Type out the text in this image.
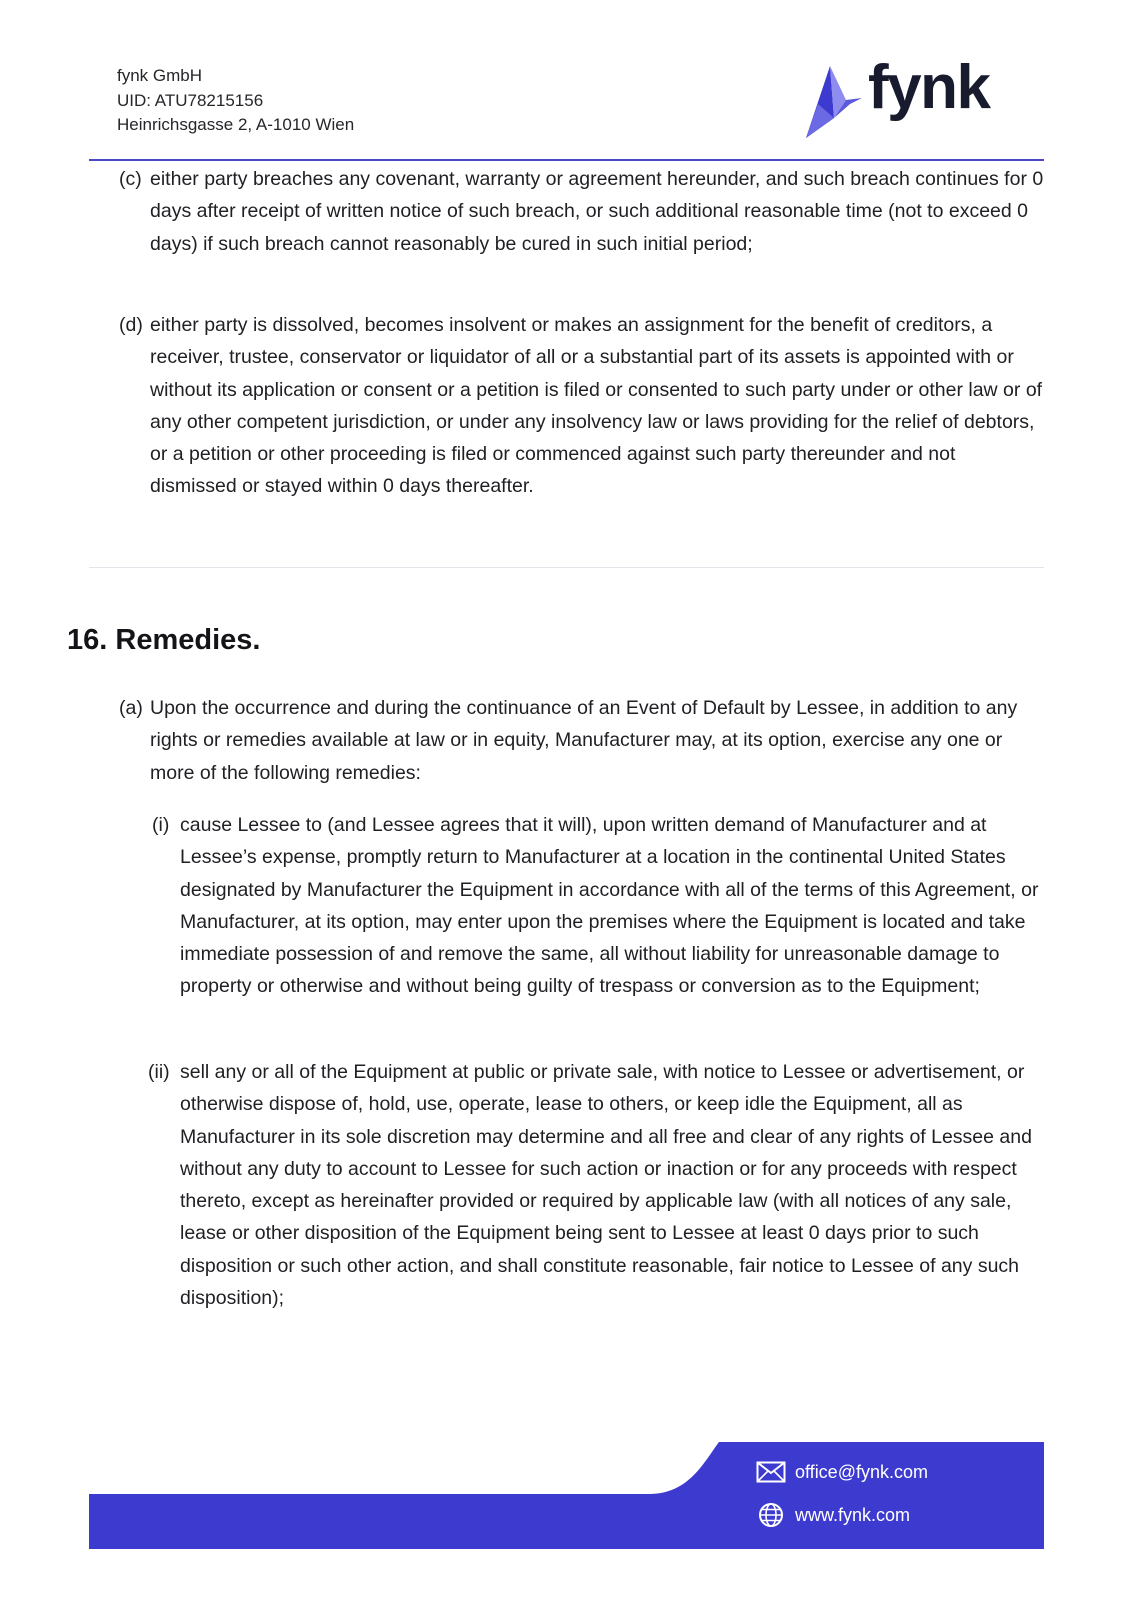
fynk GmbH
UID: ATU78215156
Heinrichsgasse 2, A-1010 Wien
fynk
(c) either party breaches any covenant, warranty or agreement hereunder, and such breach continues for 0 days after receipt of written notice of such breach, or such additional reasonable time (not to exceed 0 days) if such breach cannot reasonably be cured in such initial period;
(d) either party is dissolved, becomes insolvent or makes an assignment for the benefit of creditors, a receiver, trustee, conservator or liquidator of all or a substantial part of its assets is appointed with or without its application or consent or a petition is filed or consented to such party under or other law or of any other competent jurisdiction, or under any insolvency law or laws providing for the relief of debtors, or a petition or other proceeding is filed or commenced against such party thereunder and not dismissed or stayed within 0 days thereafter.
16. Remedies.
(a) Upon the occurrence and during the continuance of an Event of Default by Lessee, in addition to any rights or remedies available at law or in equity, Manufacturer may, at its option, exercise any one or more of the following remedies:
(i) cause Lessee to (and Lessee agrees that it will), upon written demand of Manufacturer and at Lessee’s expense, promptly return to Manufacturer at a location in the continental United States designated by Manufacturer the Equipment in accordance with all of the terms of this Agreement, or Manufacturer, at its option, may enter upon the premises where the Equipment is located and take immediate possession of and remove the same, all without liability for unreasonable damage to property or otherwise and without being guilty of trespass or conversion as to the Equipment;
(ii) sell any or all of the Equipment at public or private sale, with notice to Lessee or advertisement, or otherwise dispose of, hold, use, operate, lease to others, or keep idle the Equipment, all as Manufacturer in its sole discretion may determine and all free and clear of any rights of Lessee and without any duty to account to Lessee for such action or inaction or for any proceeds with respect thereto, except as hereinafter provided or required by applicable law (with all notices of any sale, lease or other disposition of the Equipment being sent to Lessee at least 0 days prior to such disposition or such other action, and shall constitute reasonable, fair notice to Lessee of any such disposition);
office@fynk.com
www.fynk.com
